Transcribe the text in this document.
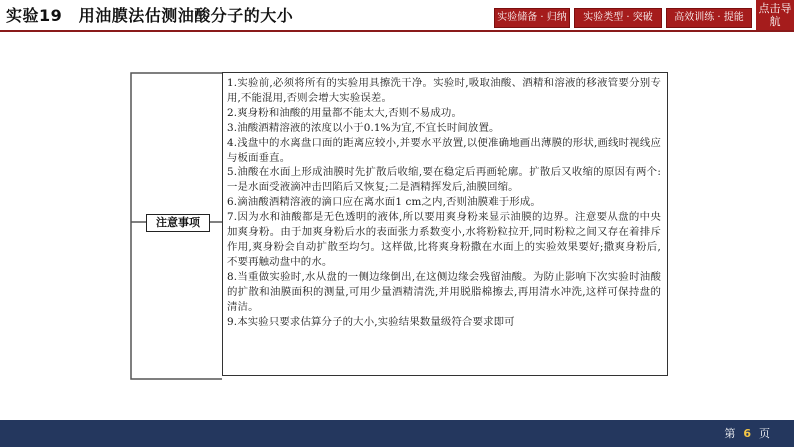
实验19　用油膜法估测油酸分子的大小	实验储备 · 归纳	实验类型 · 突破	高效训练 · 提能
点击导航
注意事项

1.实验前,必须将所有的实验用具擦洗干净。实验时,吸取油酸、酒精和溶液的移液管要分别专用,不能混用,否则会增大实验误差。

2.爽身粉和油酸的用量都不能太大,否则不易成功。

3.油酸酒精溶液的浓度以小于0.1%为宜,不宜长时间放置。

4.浅盘中的水离盘口面的距离应较小,并要水平放置,以便准确地画出薄膜的形状,画线时视线应与板面垂直。

5.油酸在水面上形成油膜时先扩散后收缩,要在稳定后再画轮廓。扩散后又收缩的原因有两个:一是水面受液滴冲击凹陷后又恢复;二是酒精挥发后,油膜回缩。

6.滴油酸酒精溶液的滴口应在离水面1 cm之内,否则油膜难于形成。

7.因为水和油酸都是无色透明的液体,所以要用爽身粉来显示油膜的边界。注意要从盘的中央加爽身粉。由于加爽身粉后水的表面张力系数变小,水将粉粒拉开,同时粉粒之间又存在着排斥作用,爽身粉会自动扩散至均匀。这样做,比将爽身粉撒在水面上的实验效果要好;撒爽身粉后,不要再触动盘中的水。

8.当重做实验时,水从盘的一侧边缘倒出,在这侧边缘会残留油酸。为防止影响下次实验时油酸的扩散和油膜面积的测量,可用少量酒精清洗,并用脱脂棉擦去,再用清水冲洗,这样可保持盘的清洁。

9.本实验只要求估算分子的大小,实验结果数量级符合要求即可

第 6 页
